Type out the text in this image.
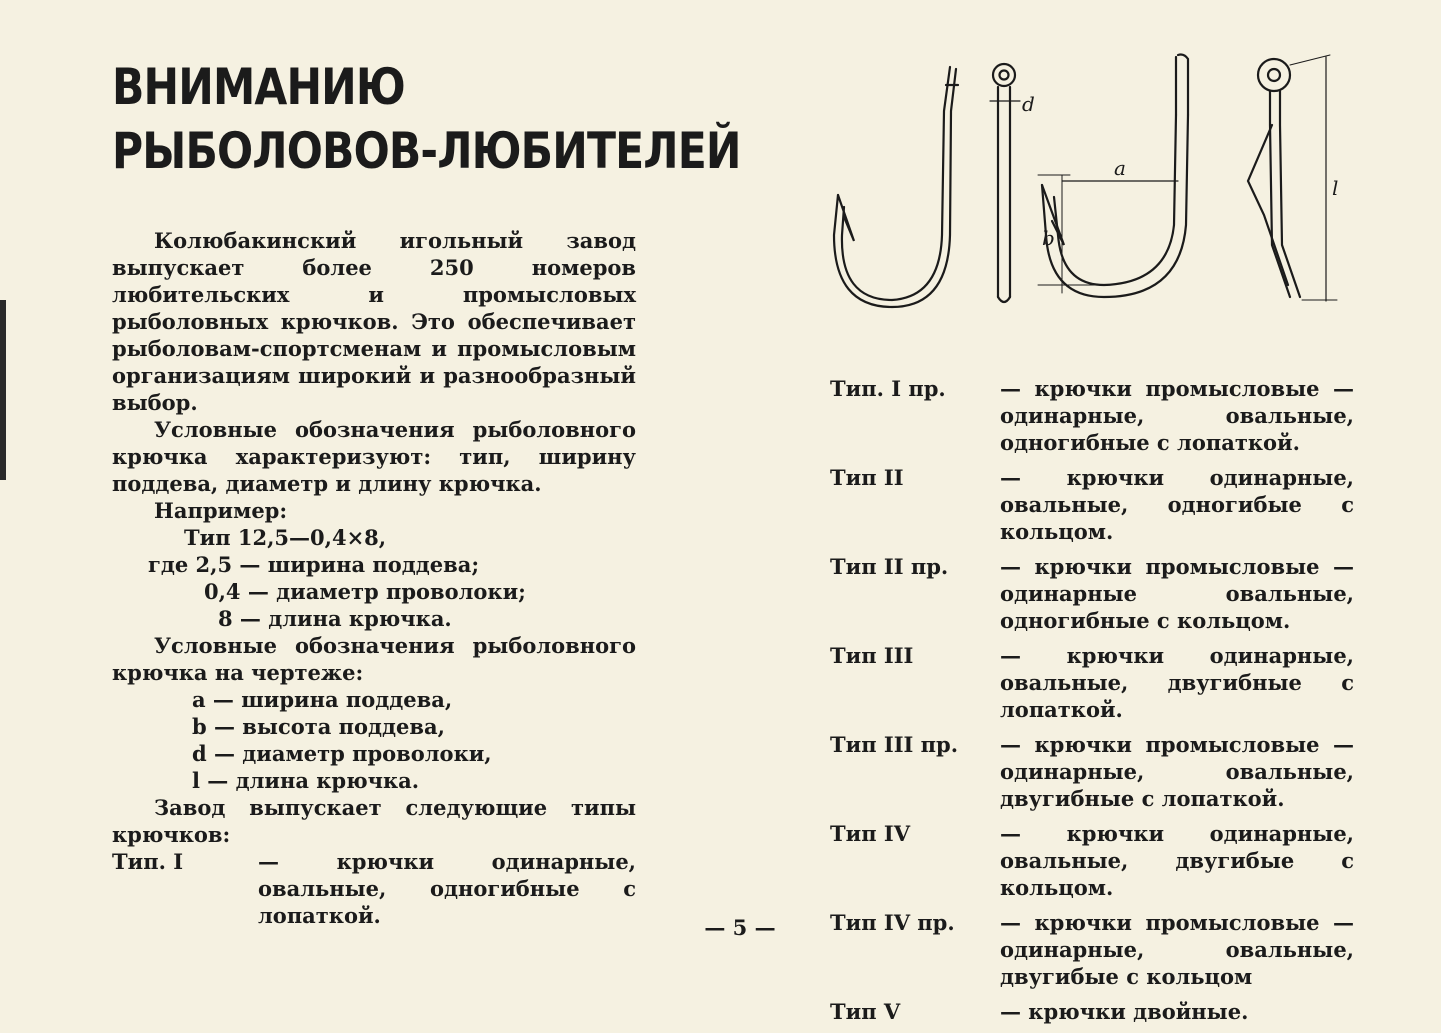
ВНИМАНИЮ
РЫБОЛОВОВ-ЛЮБИТЕЛЕЙ
Колюбакинский игольный завод выпускает более 250 номеров любительских и промысловых рыболовных крючков. Это обеспечивает рыболовам-спортсменам и промысловым организациям широкий и разнообразный выбор.
Условные обозначения рыболовного крючка характеризуют: тип, ширину поддева, диаметр и длину крючка.
Например:
Тип 12,5—0,4×8,
где 2,5 — ширина поддева;
0,4 — диаметр проволоки;
8 — длина крючка.
Условные обозначения рыболовного крючка на чертеже:
а — ширина поддева,
b — высота поддева,
d — диаметр проволоки,
l — длина крючка.
Завод выпускает следующие типы крючков:
Тип. I	— крючки одинарные, овальные, одногибные с лопаткой.
d
a
b
l
Тип. I пр.	— крючки промысловые — одинарные, овальные, одногибные с лопаткой.
Тип II	— крючки одинарные, овальные, одногибые с кольцом.
Тип II пр.	— крючки промысловые — одинарные овальные, одногибные с кольцом.
Тип III	— крючки одинарные, овальные, двугибные с лопаткой.
Тип III пр.	— крючки промысловые — одинарные, овальные, двугибные с лопаткой.
Тип IV	— крючки одинарные, овальные, двугибые с кольцом.
Тип IV пр.	— крючки промысловые — одинарные, овальные, двугибые с кольцом
Тип V	— крючки двойные.
— 5 —
